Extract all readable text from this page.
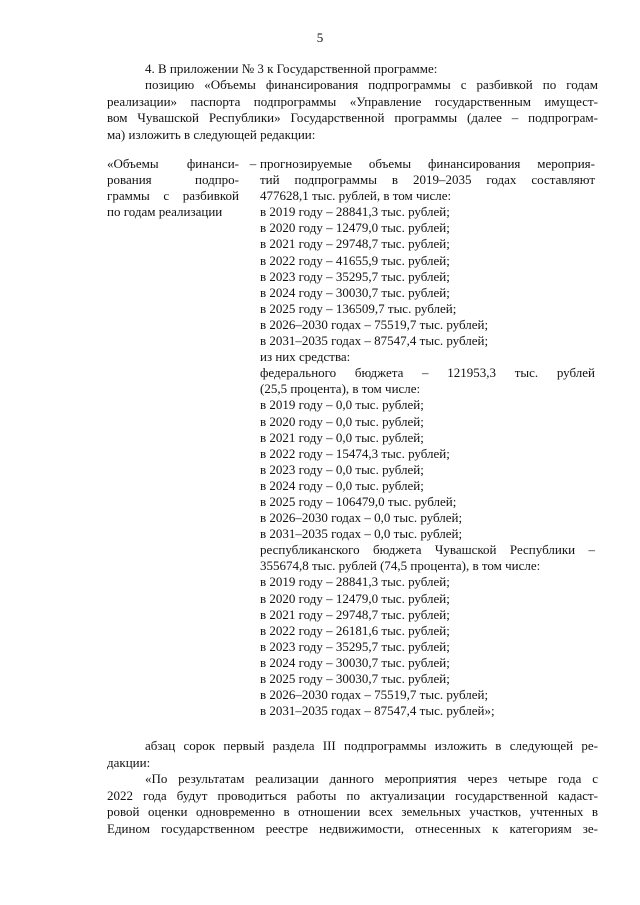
5
4. В приложении № 3 к Государственной программе:
позицию «Объемы финансирования подпрограммы с разбивкой по годам
реализации» паспорта подпрограммы «Управление государственным имущест-
вом Чувашской Республики» Государственной программы (далее – подпрограм-
ма) изложить в следующей редакции:
«Объемы финанси-
рования подпро-
граммы с разбивкой
по годам реализации
– прогнозируемые объемы финансирования мероприя-
тий подпрограммы в 2019–2035 годах составляют
477628,1 тыс. рублей, в том числе:
в 2019 году – 28841,3 тыс. рублей;
в 2020 году – 12479,0 тыс. рублей;
в 2021 году – 29748,7 тыс. рублей;
в 2022 году – 41655,9 тыс. рублей;
в 2023 году – 35295,7 тыс. рублей;
в 2024 году – 30030,7 тыс. рублей;
в 2025 году – 136509,7 тыс. рублей;
в 2026–2030 годах – 75519,7 тыс. рублей;
в 2031–2035 годах – 87547,4 тыс. рублей;
из них средства:
федерального бюджета – 121953,3 тыс. рублей
(25,5 процента), в том числе:
в 2019 году – 0,0 тыс. рублей;
в 2020 году – 0,0 тыс. рублей;
в 2021 году – 0,0 тыс. рублей;
в 2022 году – 15474,3 тыс. рублей;
в 2023 году – 0,0 тыс. рублей;
в 2024 году – 0,0 тыс. рублей;
в 2025 году – 106479,0 тыс. рублей;
в 2026–2030 годах – 0,0 тыс. рублей;
в 2031–2035 годах – 0,0 тыс. рублей;
республиканского бюджета Чувашской Республики –
355674,8 тыс. рублей (74,5 процента), в том числе:
в 2019 году – 28841,3 тыс. рублей;
в 2020 году – 12479,0 тыс. рублей;
в 2021 году – 29748,7 тыс. рублей;
в 2022 году – 26181,6 тыс. рублей;
в 2023 году – 35295,7 тыс. рублей;
в 2024 году – 30030,7 тыс. рублей;
в 2025 году – 30030,7 тыс. рублей;
в 2026–2030 годах – 75519,7 тыс. рублей;
в 2031–2035 годах – 87547,4 тыс. рублей»;
абзац сорок первый раздела III подпрограммы изложить в следующей ре-
дакции:
«По результатам реализации данного мероприятия через четыре года с
2022 года будут проводиться работы по актуализации государственной кадаст-
ровой оценки одновременно в отношении всех земельных участков, учтенных в
Едином государственном реестре недвижимости, отнесенных к категориям зе-
